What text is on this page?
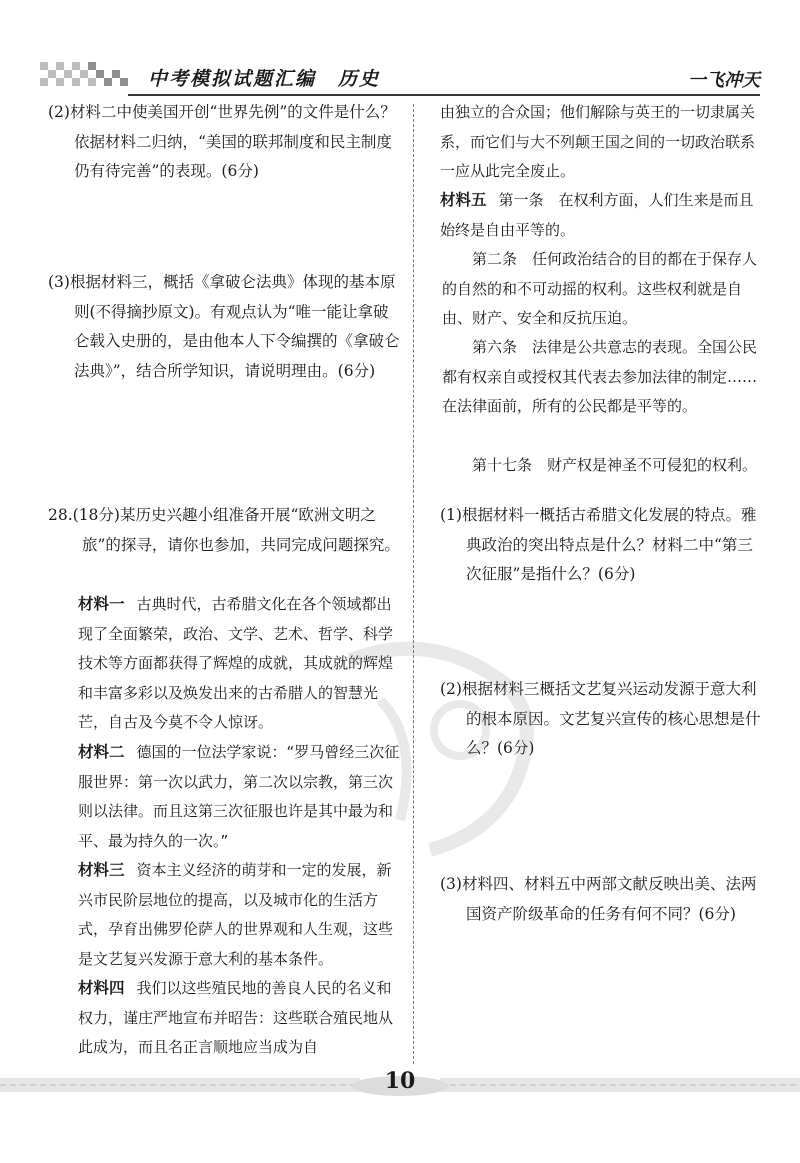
中考模拟试题汇编 历史	一飞冲天

(2)材料二中使美国开创“世界先例”的文件是什么？依据材料二归纳，“美国的联邦制度和民主制度仍有待完善”的表现。(6分)

(3)根据材料三，概括《拿破仑法典》体现的基本原则(不得摘抄原文)。有观点认为“唯一能让拿破仑载入史册的，是由他本人下令编撰的《拿破仑法典》”，结合所学知识，请说明理由。(6分)

28.(18分)某历史兴趣小组准备开展“欧洲文明之旅”的探寻，请你也参加，共同完成问题探究。

材料一 古典时代，古希腊文化在各个领域都出现了全面繁荣，政治、文学、艺术、哲学、科学技术等方面都获得了辉煌的成就，其成就的辉煌和丰富多彩以及焕发出来的古希腊人的智慧光芒，自古及今莫不令人惊讶。

材料二 德国的一位法学家说：“罗马曾经三次征服世界：第一次以武力，第二次以宗教，第三次则以法律。而且这第三次征服也许是其中最为和平、最为持久的一次。”

材料三 资本主义经济的萌芽和一定的发展，新兴市民阶层地位的提高，以及城市化的生活方式，孕育出佛罗伦萨人的世界观和人生观，这些是文艺复兴发源于意大利的基本条件。

材料四 我们以这些殖民地的善良人民的名义和权力，谨庄严地宣布并昭告：这些联合殖民地从此成为，而且名正言顺地应当成为自

由独立的合众国；他们解除与英王的一切隶属关系，而它们与大不列颠王国之间的一切政治联系一应从此完全废止。

材料五 第一条　在权利方面，人们生来是而且始终是自由平等的。

第二条　任何政治结合的目的都在于保存人的自然的和不可动摇的权利。这些权利就是自由、财产、安全和反抗压迫。

第六条　法律是公共意志的表现。全国公民都有权亲自或授权其代表去参加法律的制定……在法律面前，所有的公民都是平等的。

第十七条　财产权是神圣不可侵犯的权利。

(1)根据材料一概括古希腊文化发展的特点。雅典政治的突出特点是什么？材料二中“第三次征服”是指什么？(6分)

(2)根据材料三概括文艺复兴运动发源于意大利的根本原因。文艺复兴宣传的核心思想是什么？(6分)

(3)材料四、材料五中两部文献反映出美、法两国资产阶级革命的任务有何不同？(6分)

10
